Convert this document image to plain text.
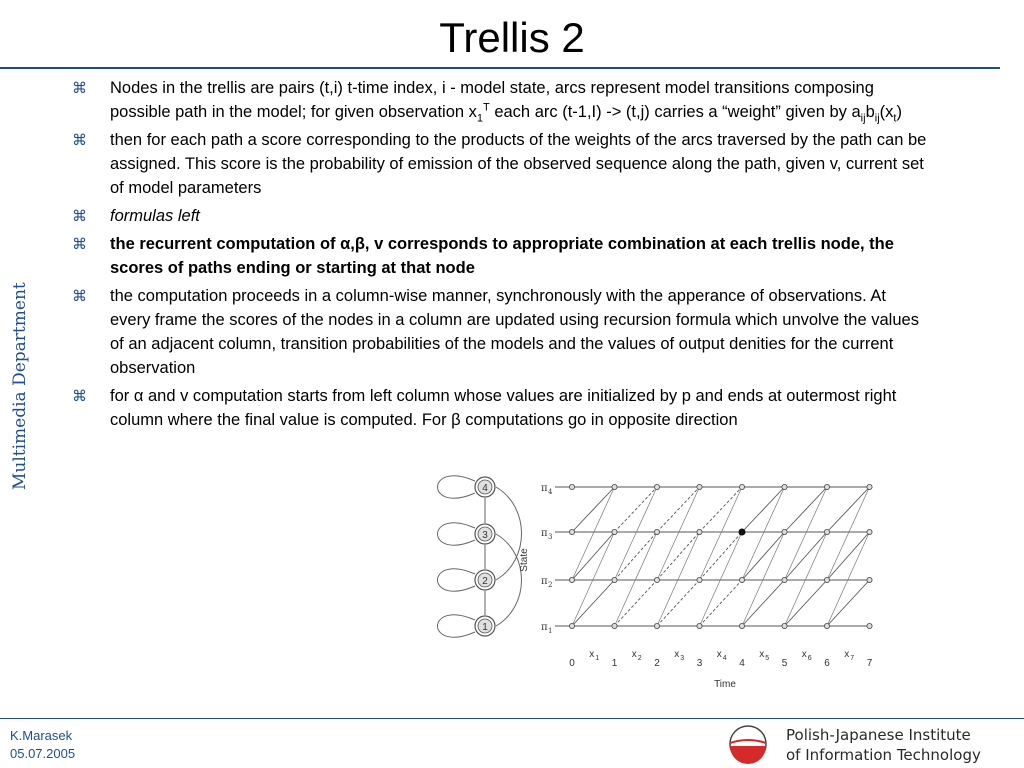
Trellis 2
Multimedia Department
⌘ Nodes in the trellis are pairs (t,i) t-time index, i - model state, arcs represent model transitions composing possible path in the model; for given observation $x_1^T$ each arc (t-1,I) -> (t,j) carries a “weight” given by $a_{ij}b_{ij}(x_t)$
⌘ then for each path a score corresponding to the products of the weights of the arcs traversed by the path can be assigned. This score is the probability of emission of the observed sequence along the path, given v, current set of model parameters
⌘ formulas left
⌘ the recurrent computation of α,β, v corresponds to appropriate combination at each trellis node, the scores of paths ending or starting at that node
⌘ the computation proceeds in a column-wise manner, synchronously with the apperance of observations. At every frame the scores of the nodes in a column are updated using recursion formula which unvolve the values of an adjacent column, transition probabilities of the models and the values of output denities for the current observation
⌘ for α and v computation starts from left column whose values are initialized by p and ends at outermost right column where the final value is computed. For β computations go in opposite direction
4
3
2
1
State
π 4
π 3
π 2
π 1
x 1	x 2	x 3	x 4	x 5	x 6	x 7
0	1	2	3	4	5	6	7
Time
K.Marasek
05.07.2005
Polish-Japanese Institute
of Information Technology
